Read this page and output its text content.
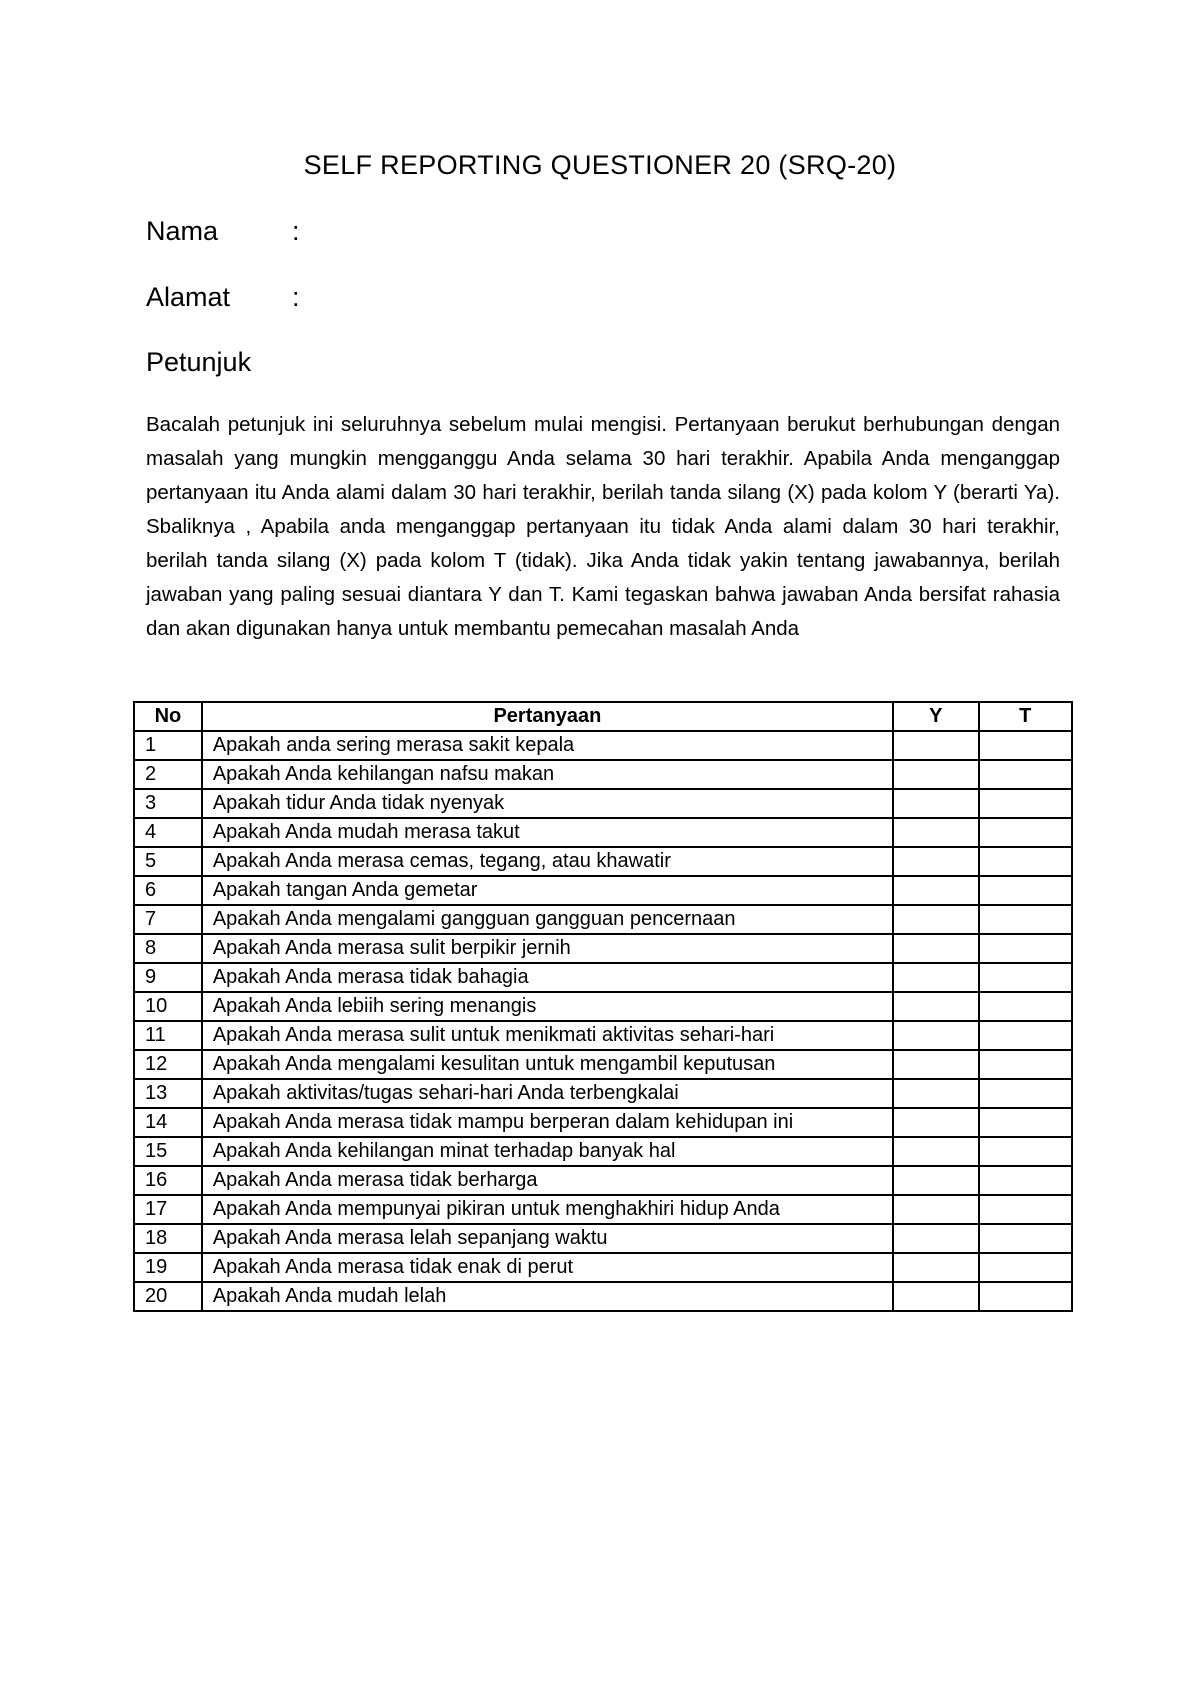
SELF REPORTING QUESTIONER 20 (SRQ-20)
Nama	:
Alamat :
Petunjuk
Bacalah petunjuk ini seluruhnya sebelum mulai mengisi. Pertanyaan berukut berhubungan dengan masalah yang mungkin mengganggu Anda selama 30 hari terakhir. Apabila Anda menganggap pertanyaan itu Anda alami dalam 30 hari terakhir, berilah tanda silang (X) pada kolom Y (berarti Ya). Sbaliknya , Apabila anda menganggap pertanyaan itu tidak Anda alami dalam 30 hari terakhir, berilah tanda silang (X) pada kolom T (tidak). Jika Anda tidak yakin tentang jawabannya, berilah jawaban yang paling sesuai diantara Y dan T. Kami tegaskan bahwa jawaban Anda bersifat rahasia dan akan digunakan hanya untuk membantu pemecahan masalah Anda
No	Pertanyaan	Y	T
1	Apakah anda sering merasa sakit kepala		
2	Apakah Anda kehilangan nafsu makan		
3	Apakah tidur Anda tidak nyenyak		
4	Apakah Anda mudah merasa takut		
5	Apakah Anda merasa cemas, tegang, atau khawatir		
6	Apakah tangan Anda gemetar		
7	Apakah Anda mengalami gangguan gangguan pencernaan		
8	Apakah Anda merasa sulit berpikir jernih		
9	Apakah Anda merasa tidak bahagia		
10	Apakah Anda lebiih sering menangis		
11	Apakah Anda merasa sulit untuk menikmati aktivitas sehari-hari		
12	Apakah Anda mengalami kesulitan untuk mengambil keputusan		
13	Apakah aktivitas/tugas sehari-hari Anda terbengkalai		
14	Apakah Anda merasa tidak mampu berperan dalam kehidupan ini		
15	Apakah Anda kehilangan minat terhadap banyak hal		
16	Apakah Anda merasa tidak berharga		
17	Apakah Anda mempunyai pikiran untuk menghakhiri hidup Anda		
18	Apakah Anda merasa lelah sepanjang waktu		
19	Apakah Anda merasa tidak enak di perut		
20	Apakah Anda mudah lelah		
